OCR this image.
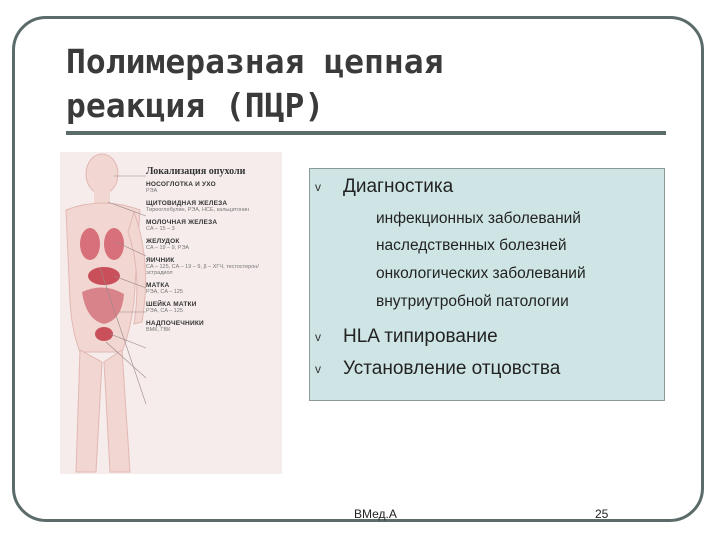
Полимеразная цепная
реакция (ПЦР)
Локализация опухоли
НОСОГЛОТКА И УХО
РЭА
ЩИТОВИДНАЯ ЖЕЛЕЗА
Тиреоглобулин, РЭА, НСЕ, кальцитонин
МОЛОЧНАЯ ЖЕЛЕЗА
CA – 15 – 3
ЖЕЛУДОК
CA – 19 – 9, РЭА
ЯИЧНИК
CA – 125, CA – 19 – 9, β – ХГЧ, тестостерон/эстрадиол
МАТКА
РЭА, CA – 125
ШЕЙКА МАТКИ
РЭА, CA – 125
НАДПОЧЕЧНИКИ
ВМК, ГВК
v Диагностика
инфекционных заболеваний
наследственных болезней
онкологических заболеваний
внутриутробной патологии
v HLA типирование
v Установление отцовства
ВМед.А	25
